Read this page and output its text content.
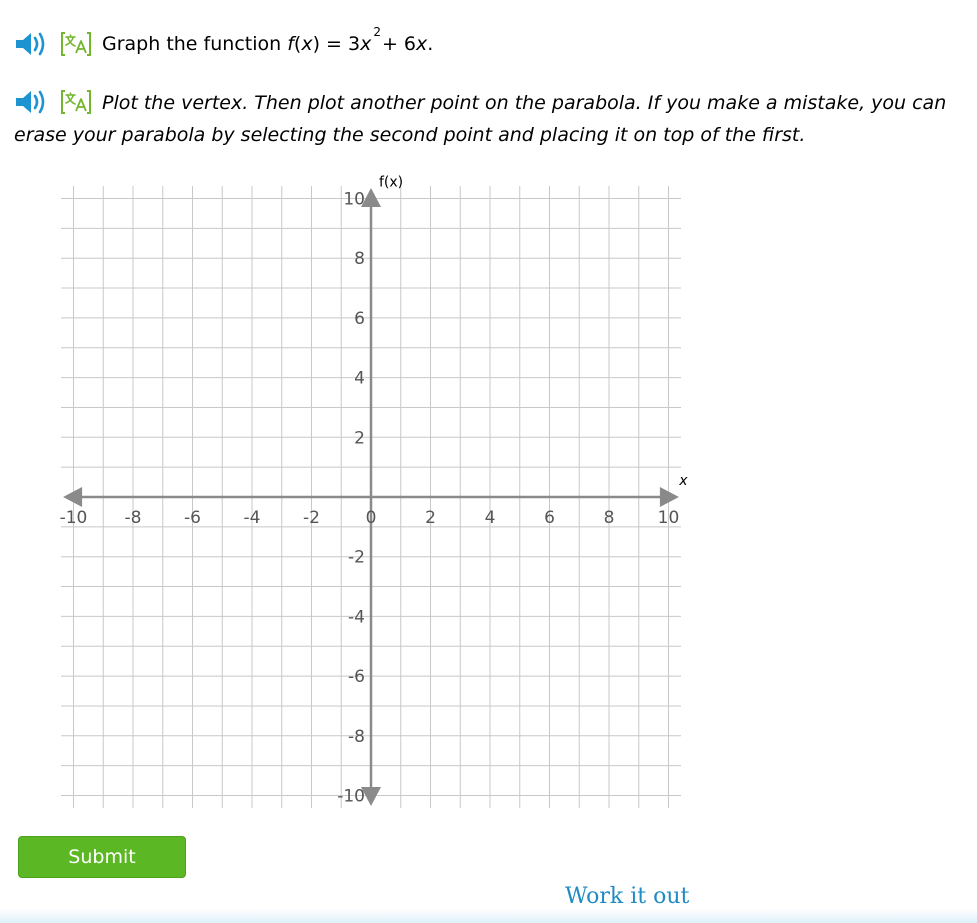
Graph the function $f(x) = 3x^2+ 6x$.
Plot the vertex. Then plot another point on the parabola. If you make a mistake, you can erase your parabola by selecting the second point and placing it on top of the first.
-10 -8	-6	-4	-2	0	2	4	6	8	10
10
8
6
4
2
-2
-4
-6
-8
-10
x
f(x)
Submit
Work it out
